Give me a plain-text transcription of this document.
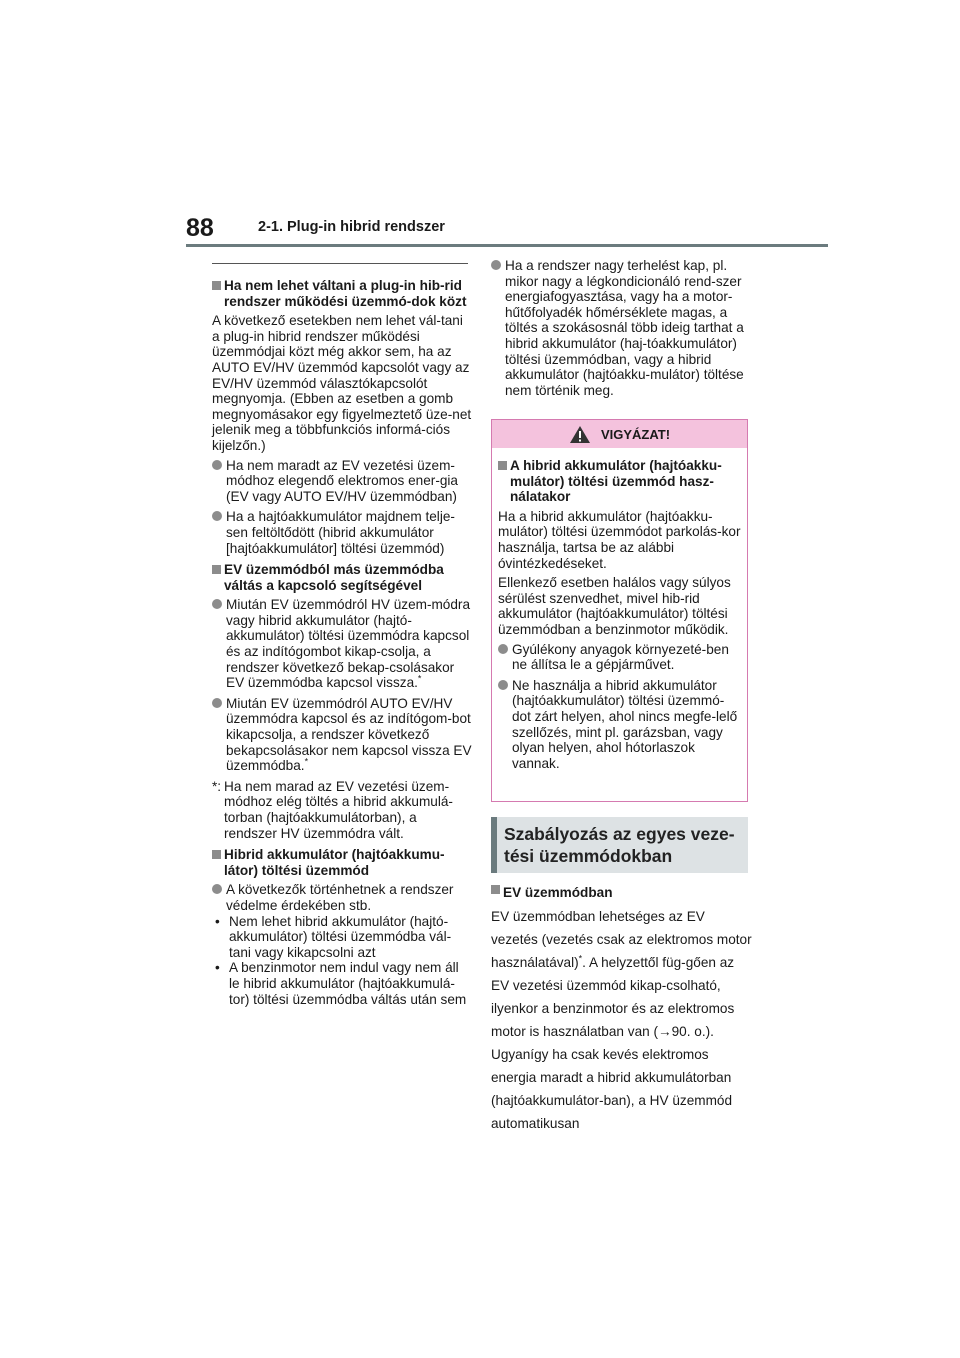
88	2-1. Plug-in hibrid rendszer
Ha nem lehet váltani a plug-in hib-rid rendszer működési üzemmó-dok közt
A következő esetekben nem lehet vál-tani a plug-in hibrid rendszer működési üzemmódjai közt még akkor sem, ha az AUTO EV/HV üzemmód kapcsolót vagy az EV/HV üzemmód választókapcsolót megnyomja. (Ebben az esetben a gomb megnyomásakor egy figyelmeztető üze-net jelenik meg a többfunkciós informá-ciós kijelzőn.)
Ha nem maradt az EV vezetési üzem-módhoz elegendő elektromos ener-gia (EV vagy AUTO EV/HV üzemmódban)
Ha a hajtóakkumulátor majdnem telje-sen feltöltődött (hibrid akkumulátor [hajtóakkumulátor] töltési üzemmód)
EV üzemmódból más üzemmódba váltás a kapcsoló segítségével
Miután EV üzemmódról HV üzem-módra vagy hibrid akkumulátor (hajtó-akkumulátor) töltési üzemmódra kapcsol és az indítógombot kikap-csolja, a rendszer következő bekap-csolásakor EV üzemmódba kapcsol vissza.*
Miután EV üzemmódról AUTO EV/HV üzemmódra kapcsol és az indítógom-bot kikapcsolja, a rendszer következő bekapcsolásakor nem kapcsol vissza EV üzemmódba.*
*: Ha nem marad az EV vezetési üzem-módhoz elég töltés a hibrid akkumulá-torban (hajtóakkumulátorban), a rendszer HV üzemmódra vált.
Hibrid akkumulátor (hajtóakkumu-látor) töltési üzemmód
A következők történhetnek a rendszer védelme érdekében stb.
• Nem lehet hibrid akkumulátor (hajtó-akkumulátor) töltési üzemmódba vál-tani vagy kikapcsolni azt
• A benzinmotor nem indul vagy nem áll le hibrid akkumulátor (hajtóakkumulá-tor) töltési üzemmódba váltás után sem
Ha a rendszer nagy terhelést kap, pl. mikor nagy a légkondicionáló rend-szer energiafogyasztása, vagy ha a motor-hűtőfolyadék hőmérséklete magas, a töltés a szokásosnál több ideig tarthat a hibrid akkumulátor (haj-tóakkumulátor) töltési üzemmódban, vagy a hibrid akkumulátor (hajtóakku-mulátor) töltése nem történik meg.
VIGYÁZAT!
A hibrid akkumulátor (hajtóakku-mulátor) töltési üzemmód hasz-nálatakor
Ha a hibrid akkumulátor (hajtóakku-mulátor) töltési üzemmódot parkolás-kor használja, tartsa be az alábbi óvintézkedéseket.
Ellenkező esetben halálos vagy súlyos sérülést szenvedhet, mivel hib-rid akkumulátor (hajtóakkumulátor) töltési üzemmódban a benzinmotor működik.
Gyúlékony anyagok környezeté-ben ne állítsa le a gépjárművet.
Ne használja a hibrid akkumulátor (hajtóakkumulátor) töltési üzemmó-dot zárt helyen, ahol nincs megfe-lelő szellőzés, mint pl. garázsban, vagy olyan helyen, ahol hótorlaszok vannak.
Szabályozás az egyes veze-tési üzemmódokban
EV üzemmódban
EV üzemmódban lehetséges az EV vezetés (vezetés csak az elektromos motor használatával)*. A helyzettől füg-gően az EV vezetési üzemmód kikap-csolható, ilyenkor a benzinmotor és az elektromos motor is használatban van (→90. o.). Ugyanígy ha csak kevés elektromos energia maradt a hibrid akkumulátorban (hajtóakkumulátor-ban), a HV üzemmód automatikusan
